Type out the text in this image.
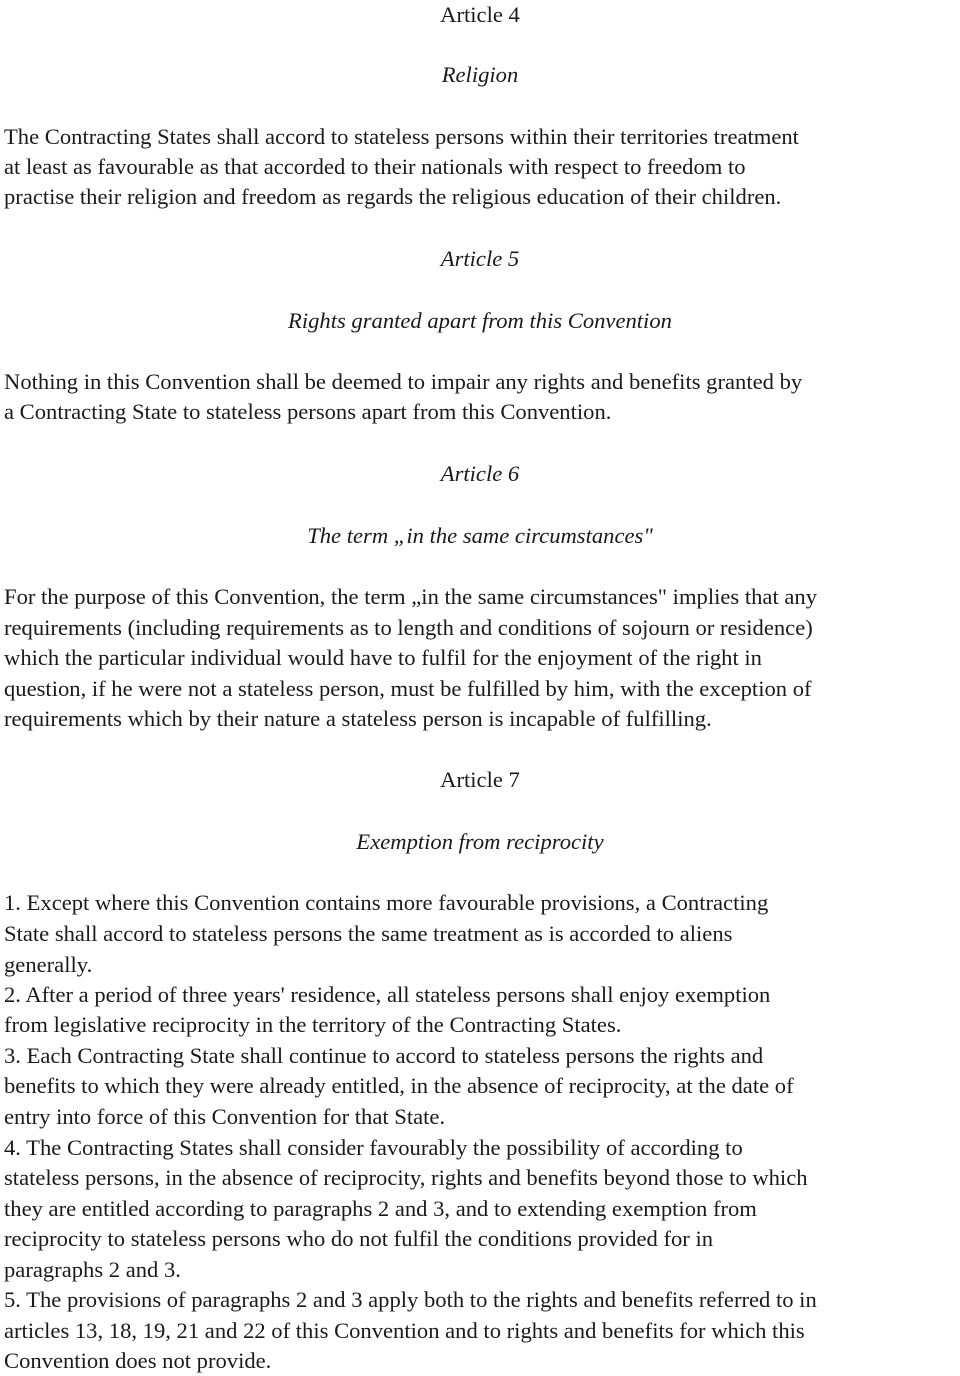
Article 4
Religion
The Contracting States shall accord to stateless persons within their territories treatment
at least as favourable as that accorded to their nationals with respect to freedom to
practise their religion and freedom as regards the religious education of their children.
Article 5
Rights granted apart from this Convention
Nothing in this Convention shall be deemed to impair any rights and benefits granted by
a Contracting State to stateless persons apart from this Convention.
Article 6
The term „in the same circumstances"
For the purpose of this Convention, the term „in the same circumstances" implies that any
requirements (including requirements as to length and conditions of sojourn or residence)
which the particular individual would have to fulfil for the enjoyment of the right in
question, if he were not a stateless person, must be fulfilled by him, with the exception of
requirements which by their nature a stateless person is incapable of fulfilling.
Article 7
Exemption from reciprocity
1. Except where this Convention contains more favourable provisions, a Contracting
State shall accord to stateless persons the same treatment as is accorded to aliens
generally.
2. After a period of three years' residence, all stateless persons shall enjoy exemption
from legislative reciprocity in the territory of the Contracting States.
3. Each Contracting State shall continue to accord to stateless persons the rights and
benefits to which they were already entitled, in the absence of reciprocity, at the date of
entry into force of this Convention for that State.
4. The Contracting States shall consider favourably the possibility of according to
stateless persons, in the absence of reciprocity, rights and benefits beyond those to which
they are entitled according to paragraphs 2 and 3, and to extending exemption from
reciprocity to stateless persons who do not fulfil the conditions provided for in
paragraphs 2 and 3.
5. The provisions of paragraphs 2 and 3 apply both to the rights and benefits referred to in
articles 13, 18, 19, 21 and 22 of this Convention and to rights and benefits for which this
Convention does not provide.
